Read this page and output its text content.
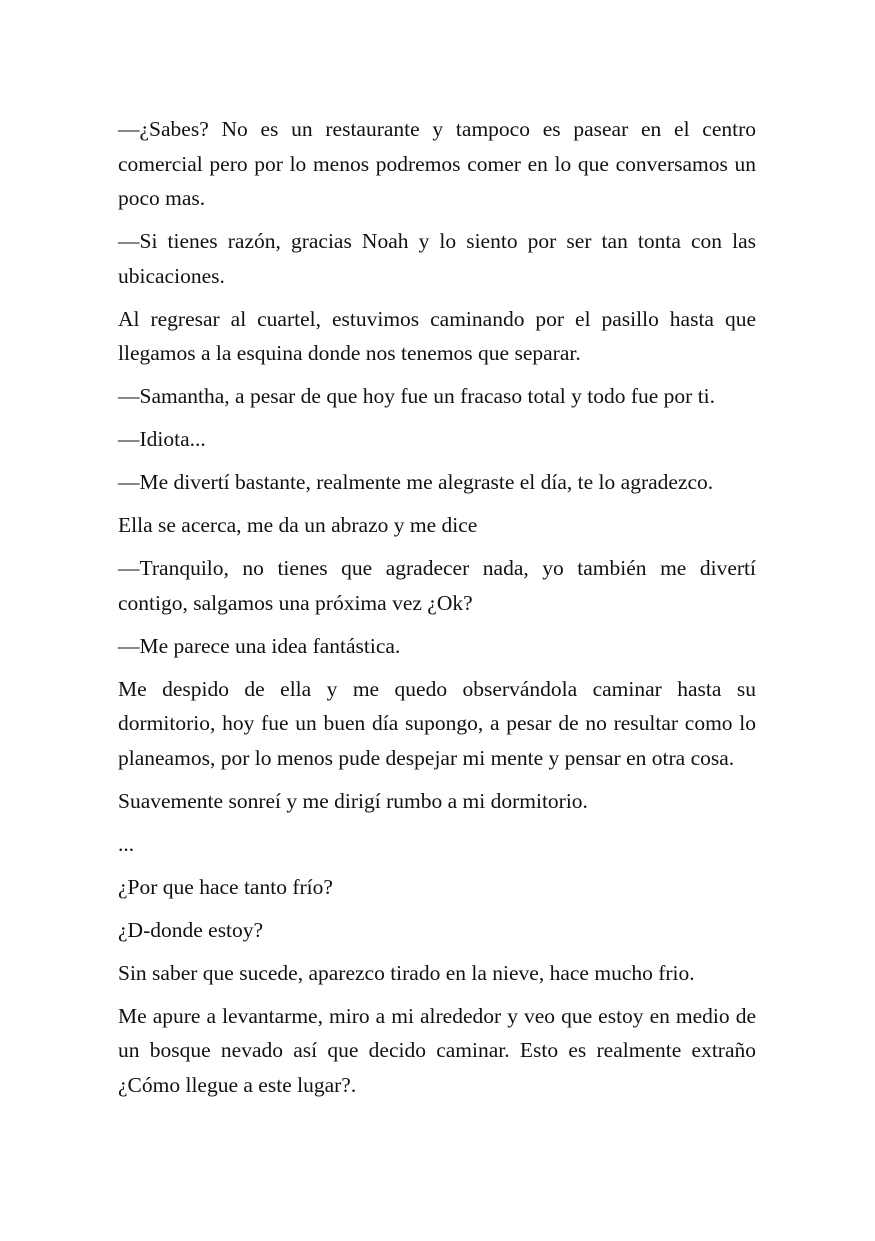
—¿Sabes? No es un restaurante y tampoco es pasear en el centro comercial pero por lo menos podremos comer en lo que conversamos un poco mas.

—Si tienes razón, gracias Noah y lo siento por ser tan tonta con las ubicaciones.

Al regresar al cuartel, estuvimos caminando por el pasillo hasta que llegamos a la esquina donde nos tenemos que separar.

—Samantha, a pesar de que hoy fue un fracaso total y todo fue por ti.

—Idiota...

—Me divertí bastante, realmente me alegraste el día, te lo agradezco.

Ella se acerca, me da un abrazo y me dice

—Tranquilo, no tienes que agradecer nada, yo también me divertí contigo, salgamos una próxima vez ¿Ok?

—Me parece una idea fantástica.

Me despido de ella y me quedo observándola caminar hasta su dormitorio, hoy fue un buen día supongo, a pesar de no resultar como lo planeamos, por lo menos pude despejar mi mente y pensar en otra cosa.

Suavemente sonreí y me dirigí rumbo a mi dormitorio.

...

¿Por que hace tanto frío?

¿D-donde estoy?

Sin saber que sucede, aparezco tirado en la nieve, hace mucho frio.

Me apure a levantarme, miro a mi alrededor y veo que estoy en medio de un bosque nevado así que decido caminar. Esto es realmente extraño ¿Cómo llegue a este lugar?.
